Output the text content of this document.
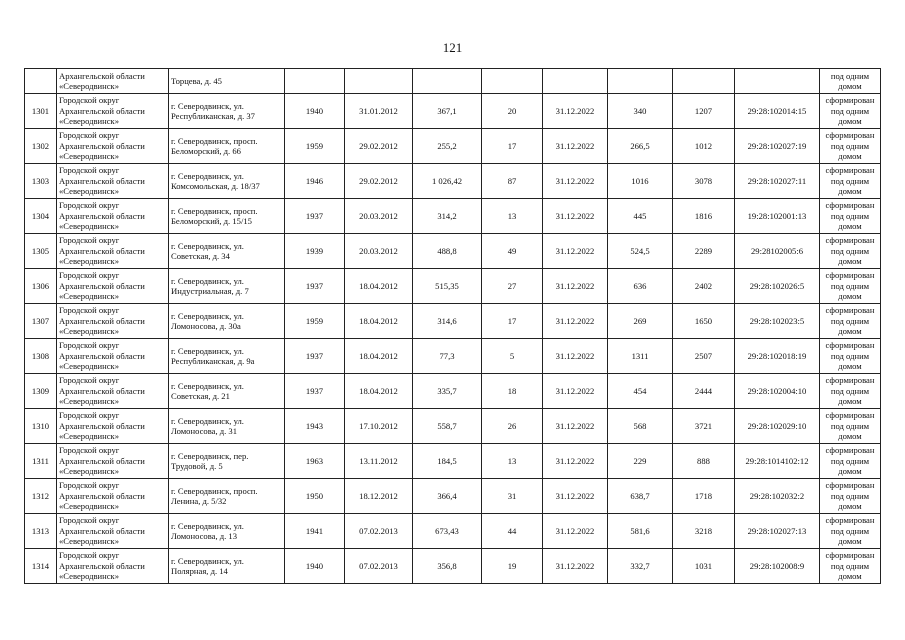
121

	Архангельской области
«Северодвинск»	Торцева, д. 45									под одним
домом

1301	Городской округ
Архангельской области
«Северодвинск»	г. Северодвинск, ул.
Республиканская, д. 37	1940	31.01.2012	367,1	20	31.12.2022	340	1207	29:28:102014:15	сформирован
под одним
домом

1302	Городской округ
Архангельской области
«Северодвинск»	г. Северодвинск, просп.
Беломорский, д. 66	1959	29.02.2012	255,2	17	31.12.2022	266,5	1012	29:28:102027:19	сформирован
под одним
домом

1303	Городской округ
Архангельской области
«Северодвинск»	г. Северодвинск, ул.
Комсомольская, д. 18/37	1946	29.02.2012	1 026,42	87	31.12.2022	1016	3078	29:28:102027:11	сформирован
под одним
домом

1304	Городской округ
Архангельской области
«Северодвинск»	г. Северодвинск, просп.
Беломорский, д. 15/15	1937	20.03.2012	314,2	13	31.12.2022	445	1816	19:28:102001:13	сформирован
под одним
домом

1305	Городской округ
Архангельской области
«Северодвинск»	г. Северодвинск, ул.
Советская, д. 34	1939	20.03.2012	488,8	49	31.12.2022	524,5	2289	29:28102005:6	сформирован
под одним
домом

1306	Городской округ
Архангельской области
«Северодвинск»	г. Северодвинск, ул.
Индустриальная, д. 7	1937	18.04.2012	515,35	27	31.12.2022	636	2402	29:28:102026:5	сформирован
под одним
домом

1307	Городской округ
Архангельской области
«Северодвинск»	г. Северодвинск, ул.
Ломоносова, д. 30а	1959	18.04.2012	314,6	17	31.12.2022	269	1650	29:28:102023:5	сформирован
под одним
домом

1308	Городской округ
Архангельской области
«Северодвинск»	г. Северодвинск, ул.
Республиканская, д. 9а	1937	18.04.2012	77,3	5	31.12.2022	1311	2507	29:28:102018:19	сформирован
под одним
домом

1309	Городской округ
Архангельской области
«Северодвинск»	г. Северодвинск, ул.
Советская, д. 21	1937	18.04.2012	335,7	18	31.12.2022	454	2444	29:28:102004:10	сформирован
под одним
домом

1310	Городской округ
Архангельской области
«Северодвинск»	г. Северодвинск, ул.
Ломоносова, д. 31	1943	17.10.2012	558,7	26	31.12.2022	568	3721	29:28:102029:10	сформирован
под одним
домом

1311	Городской округ
Архангельской области
«Северодвинск»	г. Северодвинск, пер.
Трудовой, д. 5	1963	13.11.2012	184,5	13	31.12.2022	229	888	29:28:1014102:12	сформирован
под одним
домом

1312	Городской округ
Архангельской области
«Северодвинск»	г. Северодвинск, просп.
Ленина, д. 5/32	1950	18.12.2012	366,4	31	31.12.2022	638,7	1718	29:28:102032:2	сформирован
под одним
домом

1313	Городской округ
Архангельской области
«Северодвинск»	г. Северодвинск, ул.
Ломоносова, д. 13	1941	07.02.2013	673,43	44	31.12.2022	581,6	3218	29:28:102027:13	сформирован
под одним
домом

1314	Городской округ
Архангельской области
«Северодвинск»	г. Северодвинск, ул.
Полярная, д. 14	1940	07.02.2013	356,8	19	31.12.2022	332,7	1031	29:28:102008:9	сформирован
под одним
домом
